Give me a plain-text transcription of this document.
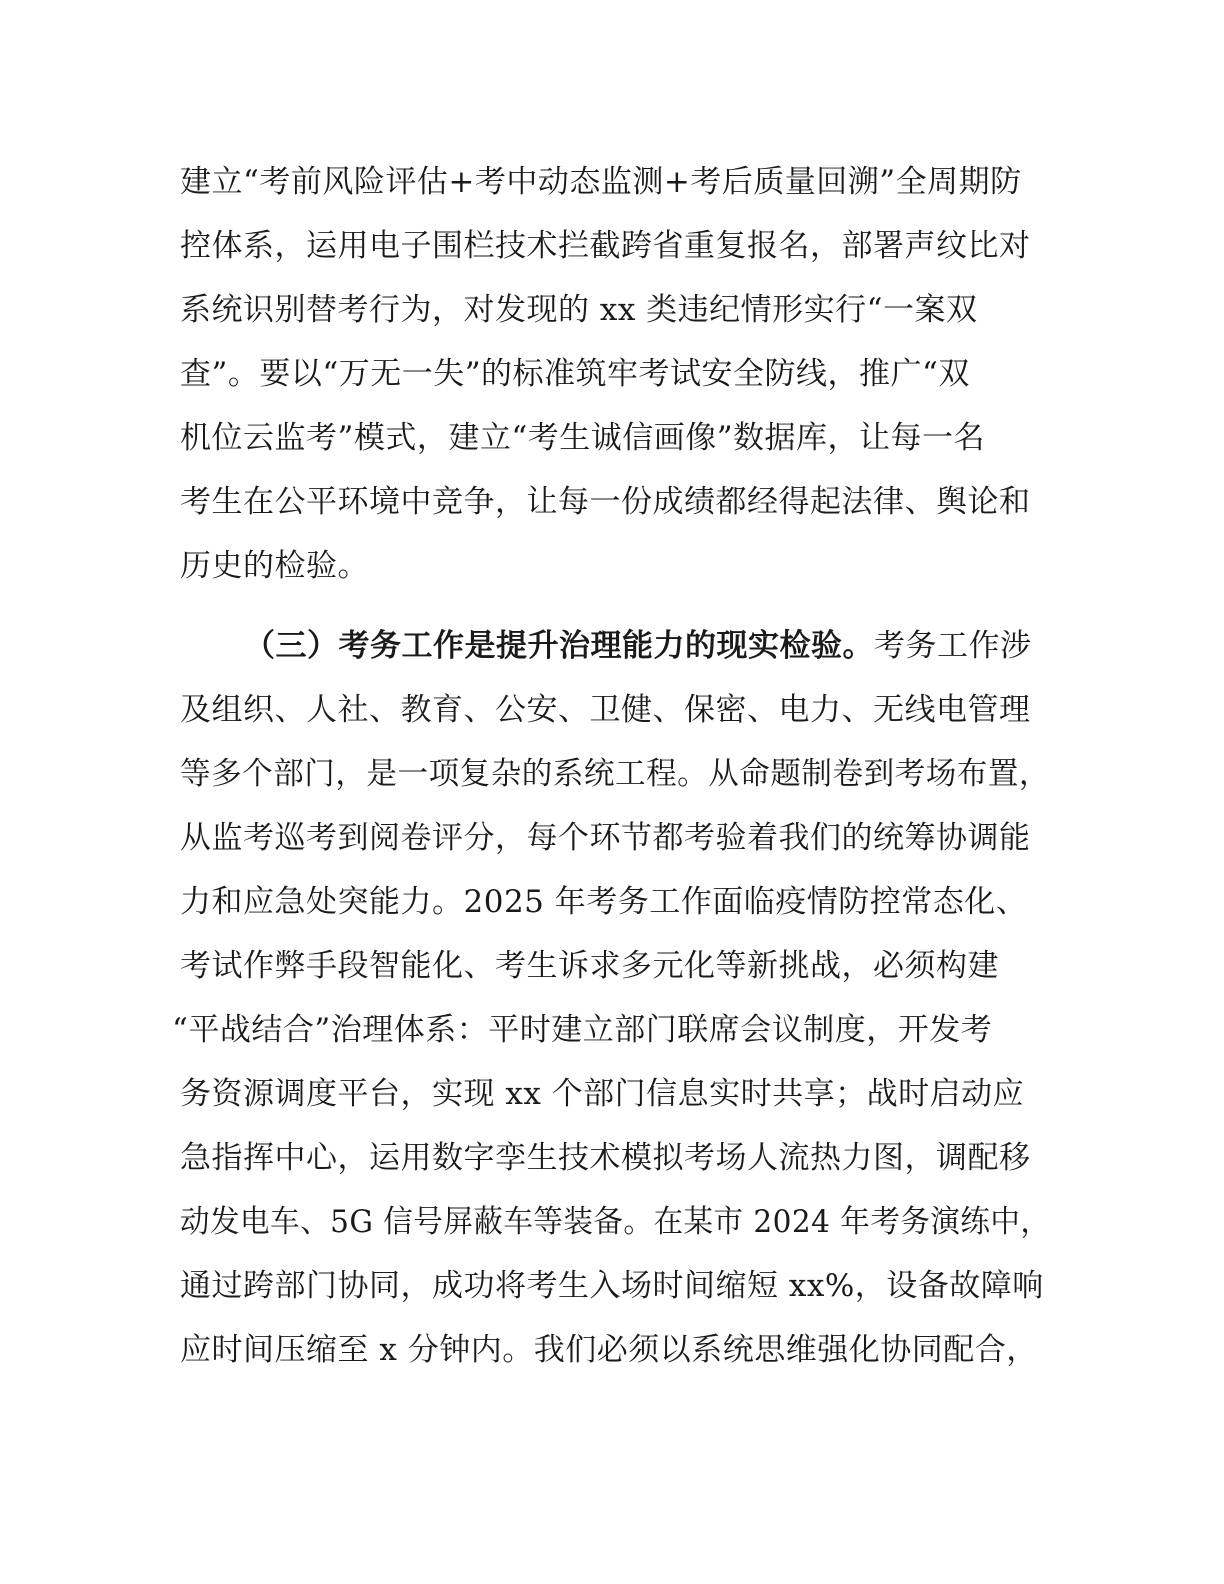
建立“考前风险评估+考中动态监测+考后质量回溯”全周期防
控体系，运用电子围栏技术拦截跨省重复报名，部署声纹比对
系统识别替考行为，对发现的 xx 类违纪情形实行“一案双
查”。要以“万无一失”的标准筑牢考试安全防线，推广“双
机位云监考”模式，建立“考生诚信画像”数据库，让每一名
考生在公平环境中竞争，让每一份成绩都经得起法律、舆论和
历史的检验。
（三）考务工作是提升治理能力的现实检验。考务工作涉
及组织、人社、教育、公安、卫健、保密、电力、无线电管理
等多个部门，是一项复杂的系统工程。从命题制卷到考场布置，
从监考巡考到阅卷评分，每个环节都考验着我们的统筹协调能
力和应急处突能力。2025 年考务工作面临疫情防控常态化、
考试作弊手段智能化、考生诉求多元化等新挑战，必须构建
“平战结合”治理体系：平时建立部门联席会议制度，开发考
务资源调度平台，实现 xx 个部门信息实时共享；战时启动应
急指挥中心，运用数字孪生技术模拟考场人流热力图，调配移
动发电车、5G 信号屏蔽车等装备。在某市 2024 年考务演练中，
通过跨部门协同，成功将考生入场时间缩短 xx%，设备故障响
应时间压缩至 x 分钟内。我们必须以系统思维强化协同配合，
